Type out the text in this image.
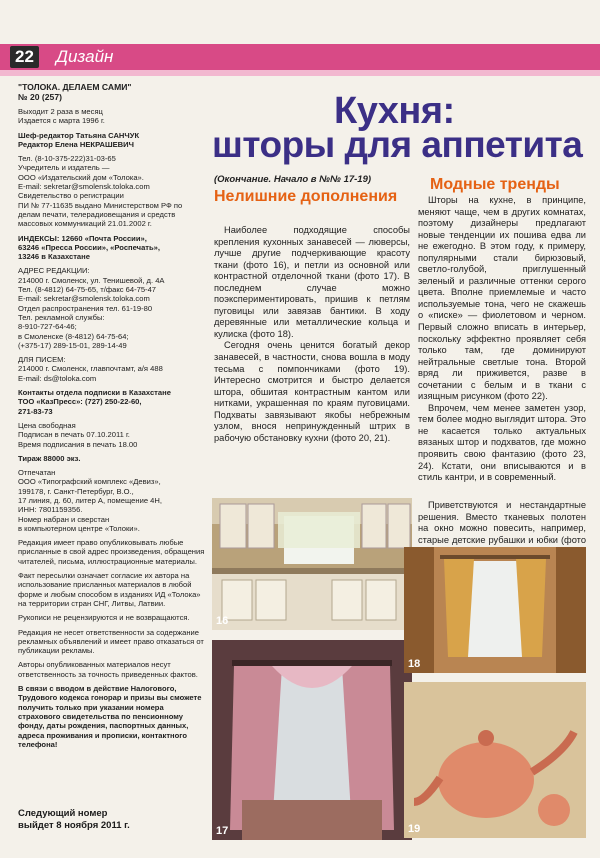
22 Дизайн

"ТОЛОКА. ДЕЛАЕМ САМИ"
№ 20 (257)

Выходит 2 раза в месяц
Издается с марта 1996 г.

Шеф-редактор Татьяна САНЧУК
Редактор Елена НЕКРАШЕВИЧ

Тел. (8-10-375-222)31-03-65
Учредитель и издатель —
ООО «Издательский дом «Толока».
E-mail: sekretar@smolensk.toloka.com
Свидетельство о регистрации
ПИ № 77-11635 выдано Министерством РФ по делам печати, телерадиовещания и средств массовых коммуникаций 21.01.2002 г.

ИНДЕКСЫ: 12660 «Почта России»,
63246 «Пресса России», «Роспечать»,
13246 в Казахстане

АДРЕС РЕДАКЦИИ:
214000 г. Смоленск, ул. Тенишевой, д. 4А
Тел. (8-4812) 64-75-65, т/факс 64-75-47
E-mail: sekretar@smolensk.toloka.com
Отдел распространения тел. 61-19-80
Тел. рекламной службы:
8-910-727-64-46;
в Смоленске (8-4812) 64-75-64;
(+375-17) 289-15-01, 289-14-49

ДЛЯ ПИСЕМ:
214000 г. Смоленск, главпочтамт, а/я 488
E-mail: ds@toloka.com

Контакты отдела подписки в Казахстане
ТОО «КазПресс»: (727) 250-22-60,
271-83-73

Цена свободная
Подписан в печать 07.10.2011 г.
Время подписания в печать 18.00

Тираж 88000 экз.

Отпечатан
ООО «Типографский комплекс «Девиз»,
199178, г. Санкт-Петербург, В.О.,
17 линия, д. 60, литер А, помещение 4Н,
ИНН: 7801159356.
Номер набран и сверстан
в компьютерном центре «Толоки».

Редакция имеет право опубликовывать любые присланные в свой адрес произведения, обращения читателей, письма, иллюстрационные материалы.

Факт пересылки означает согласие их автора на использование присланных материалов в любой форме и любым способом в изданиях ИД «Толока» на территории стран СНГ, Литвы, Латвии.

Рукописи не рецензируются и не возвращаются.

Редакция не несет ответственности за содержание рекламных объявлений и имеет право отказаться от публикации рекламы.

Авторы опубликованных материалов несут ответственность за точность приведенных фактов.

В связи с вводом в действие Налогового, Трудового кодекса гонорар и призы вы сможете получить только при указании номера страхового свидетельства по пенсионному фонду, даты рождения, паспортных данных, адреса проживания и прописки, контактного телефона!

Кухня:
шторы для аппетита
(Окончание. Начало в №№ 17-19)
Нелишние дополнения
Модные тренды

Наиболее подходящие способы крепления кухонных занавесей — люверсы, лучше другие подчеркивающие красоту ткани (фото 16), и петли из основной или контрастной отделочной ткани (фото 17). В последнем случае можно поэкспериментировать, пришив к петлям пуговицы или завязав бантики. В ходу деревянные или металлические кольца и кулиска (фото 18).

Сегодня очень ценится богатый декор занавесей, в частности, снова вошла в моду тесьма с помпончиками (фото 19). Интересно смотрится и быстро делается штора, обшитая контрастным кантом или нитками, украшенная по краям пуговицами. Подхваты завязывают якобы небрежным узлом, внося непринужденный штрих в рабочую обстановку кухни (фото 20, 21).

Шторы на кухне, в принципе, меняют чаще, чем в других комнатах, поэтому дизайнеры предлагают новые тенденции их пошива едва ли не ежегодно. В этом году, к примеру, популярными стали бирюзовый, светло-голубой, приглушенный зеленый и различные оттенки серого цвета. Вполне приемлемые и часто используемые тона, чего не скажешь о «писке» — фиолетовом и черном. Первый сложно вписать в интерьер, поскольку эффектно проявляет себя только там, где доминируют нейтральные светлые тона. Второй вряд ли приживется, разве в сочетании с белым и в ткани с изящным рисунком (фото 22).

Впрочем, чем менее заметен узор, тем более модно выглядит штора. Это не касается только актуальных вязаных штор и подхватов, где можно проявить свою фантазию (фото 23, 24). Кстати, они вписываются и в стиль кантри, и в современный.

Приветствуются и нестандартные решения. Вместо тканевых полотен на окно можно повесить, например, старые детские рубашки и юбки (фото

16
17
18
19
Следующий номер
выйдет 8 ноября 2011 г.
